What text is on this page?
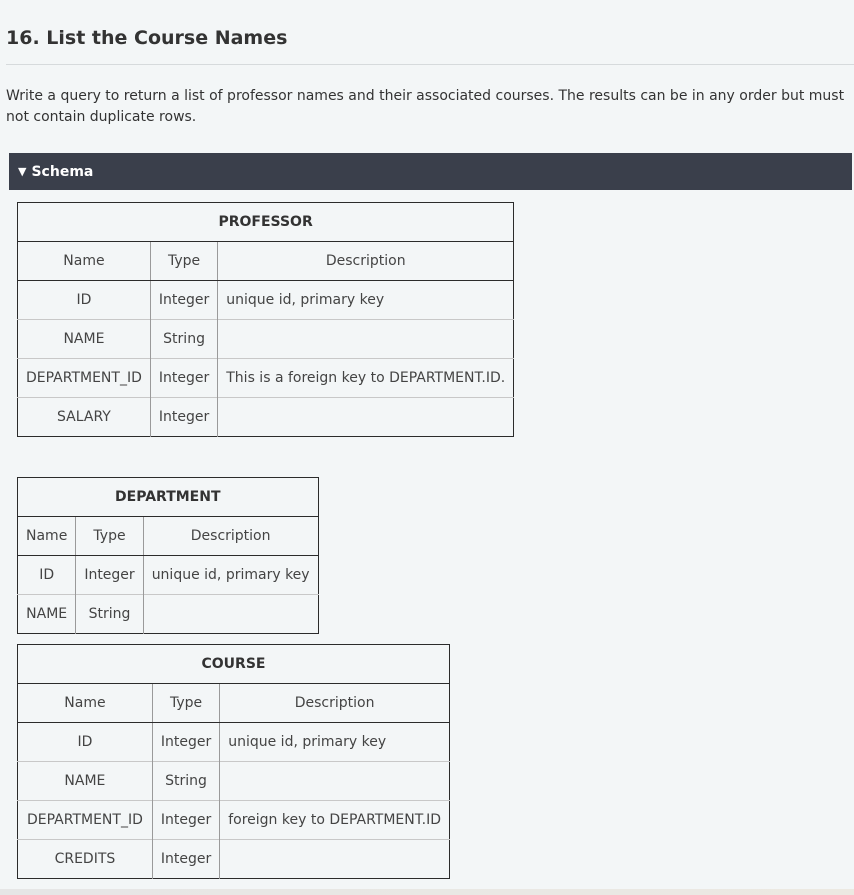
16. List the Course Names

Write a query to return a list of professor names and their associated courses. The results can be in any order but must not contain duplicate rows.

▼ Schema
PROFESSOR		
Name	Type	Description
ID	Integer	unique id, primary key
NAME	String	
DEPARTMENT_ID	Integer	This is a foreign key to DEPARTMENT.ID.
SALARY	Integer	
DEPARTMENT		
Name	Type	Description
ID	Integer	unique id, primary key
NAME	String	
COURSE		
Name	Type	Description
ID	Integer	unique id, primary key
NAME	String	
DEPARTMENT_ID	Integer	foreign key to DEPARTMENT.ID
CREDITS	Integer	
